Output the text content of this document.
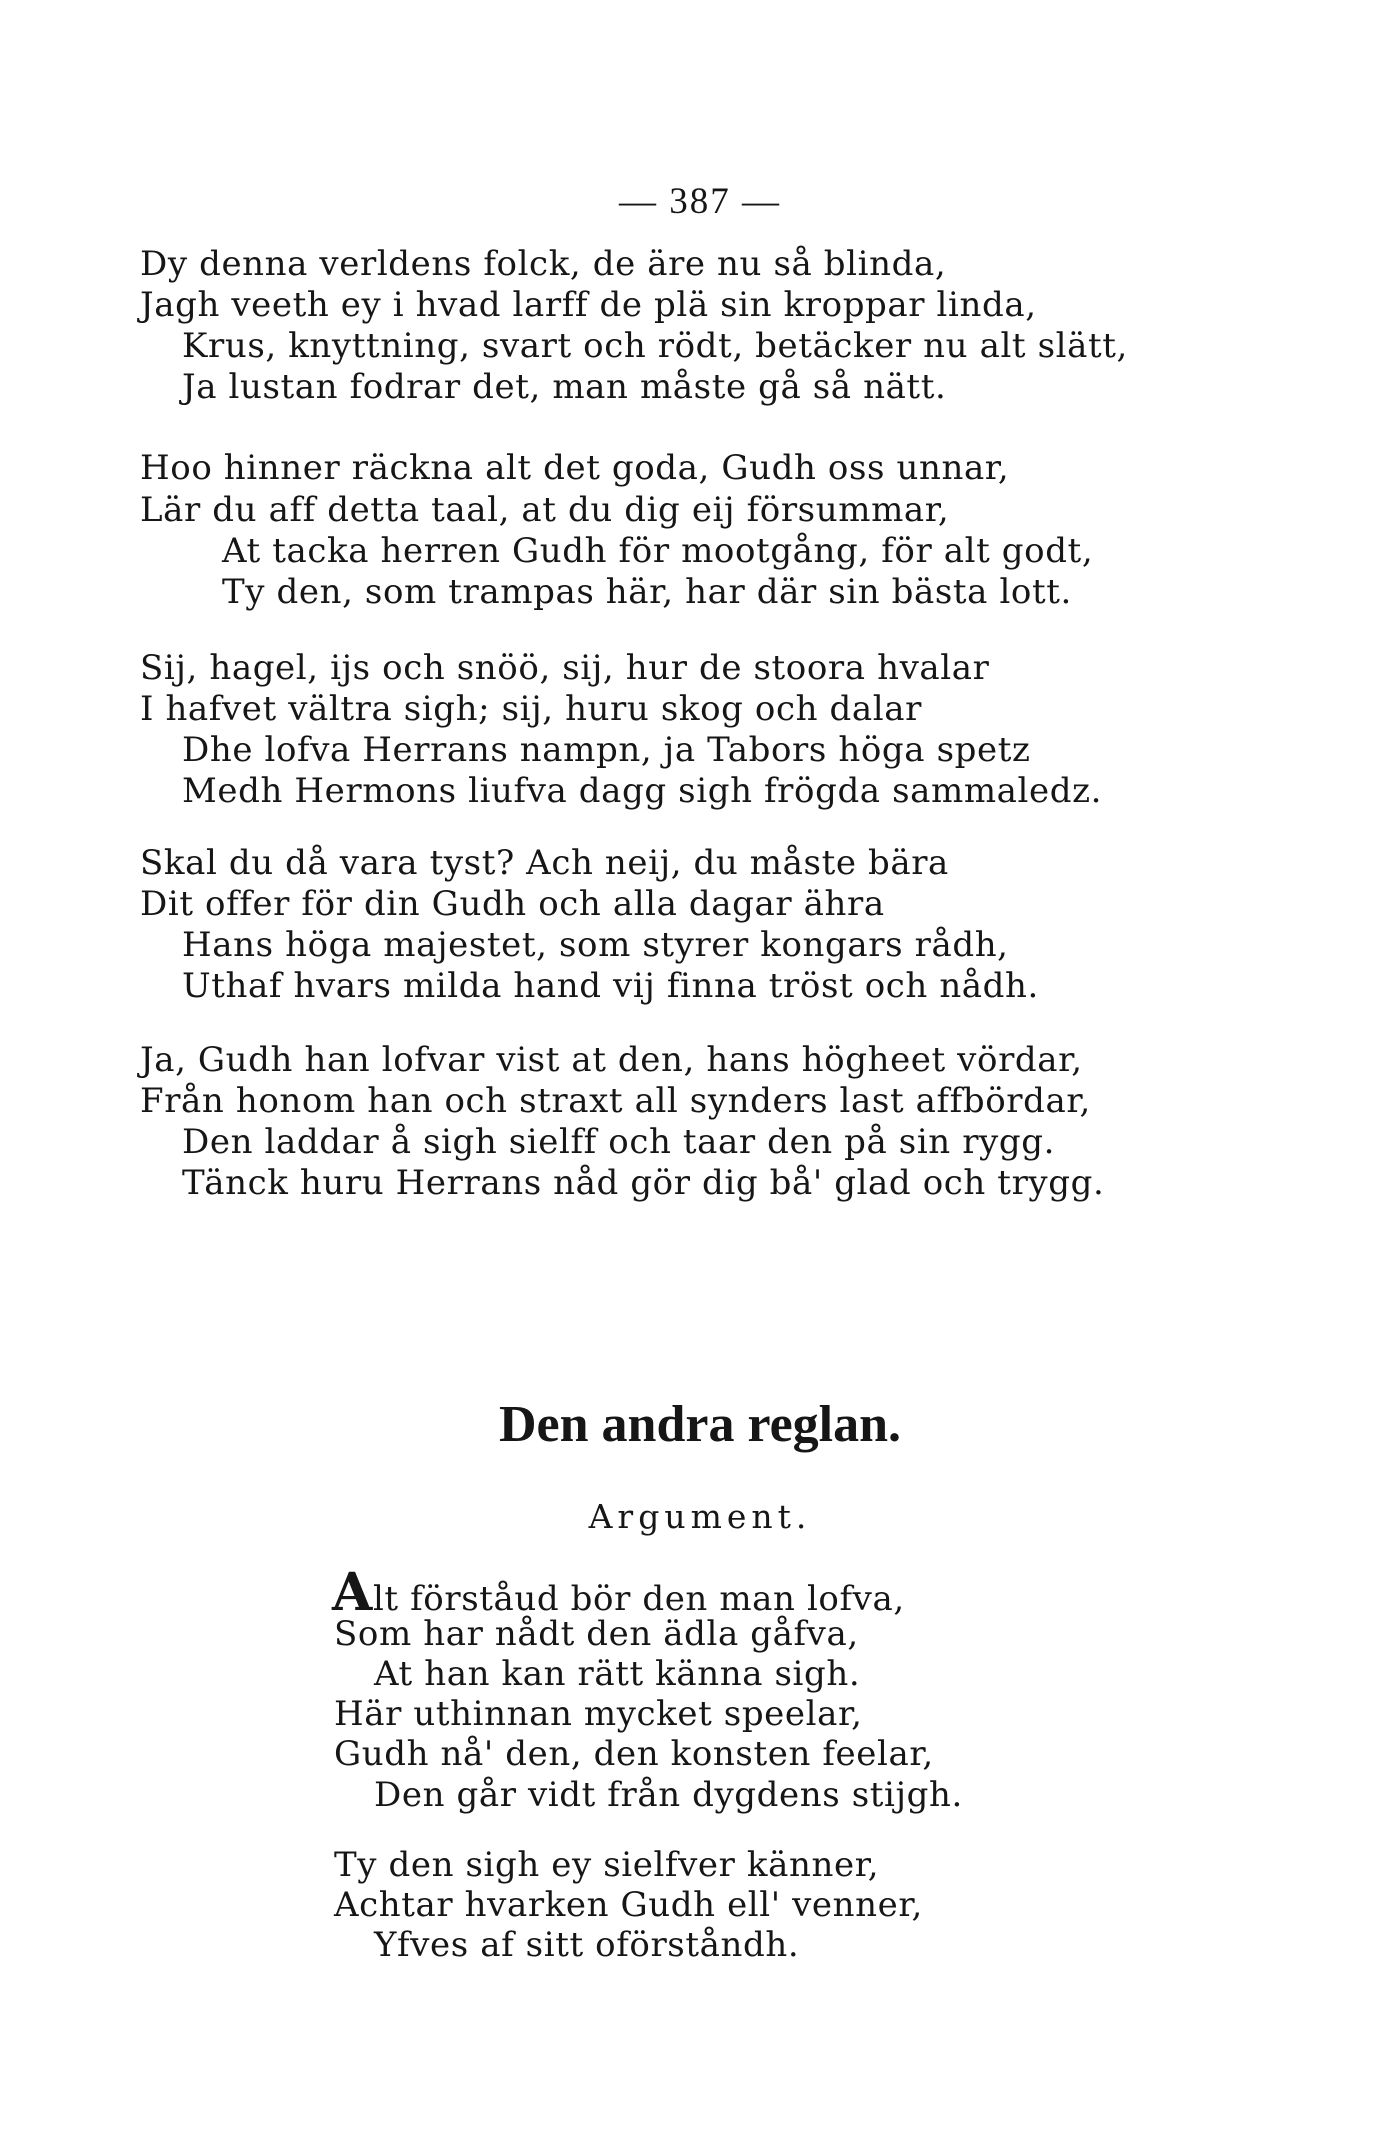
— 387 —
Dy denna verldens folck, de äre nu så blinda,
Jagh veeth ey i hvad larff de plä sin kroppar linda,
Krus, knyttning, svart och rödt, betäcker nu alt slätt,
Ja lustan fodrar det, man måste gå så nätt.
Hoo hinner räckna alt det goda, Gudh oss unnar,
Lär du aff detta taal, at du dig eij försummar,
At tacka herren Gudh för mootgång, för alt godt,
Ty den, som trampas här, har där sin bästa lott.
Sij, hagel, ijs och snöö, sij, hur de stoora hvalar
I hafvet vältra sigh; sij, huru skog och dalar
Dhe lofva Herrans nampn, ja Tabors höga spetz
Medh Hermons liufva dagg sigh frögda sammaledz.
Skal du då vara tyst? Ach neij, du måste bära
Dit offer för din Gudh och alla dagar ähra
Hans höga majestet, som styrer kongars rådh,
Uthaf hvars milda hand vij finna tröst och nådh.
Ja, Gudh han lofvar vist at den, hans högheet vördar,
Från honom han och straxt all synders last affbördar,
Den laddar å sigh sielff och taar den på sin rygg.
Tänck huru Herrans nåd gör dig bå' glad och trygg.
Den andra reglan.
Argument.
Alt förståud bör den man lofva,
Som har nådt den ädla gåfva,
At han kan rätt känna sigh.
Här uthinnan mycket speelar,
Gudh nå' den, den konsten feelar,
Den går vidt från dygdens stijgh.
Ty den sigh ey sielfver känner,
Achtar hvarken Gudh ell' venner,
Yfves af sitt oförståndh.
